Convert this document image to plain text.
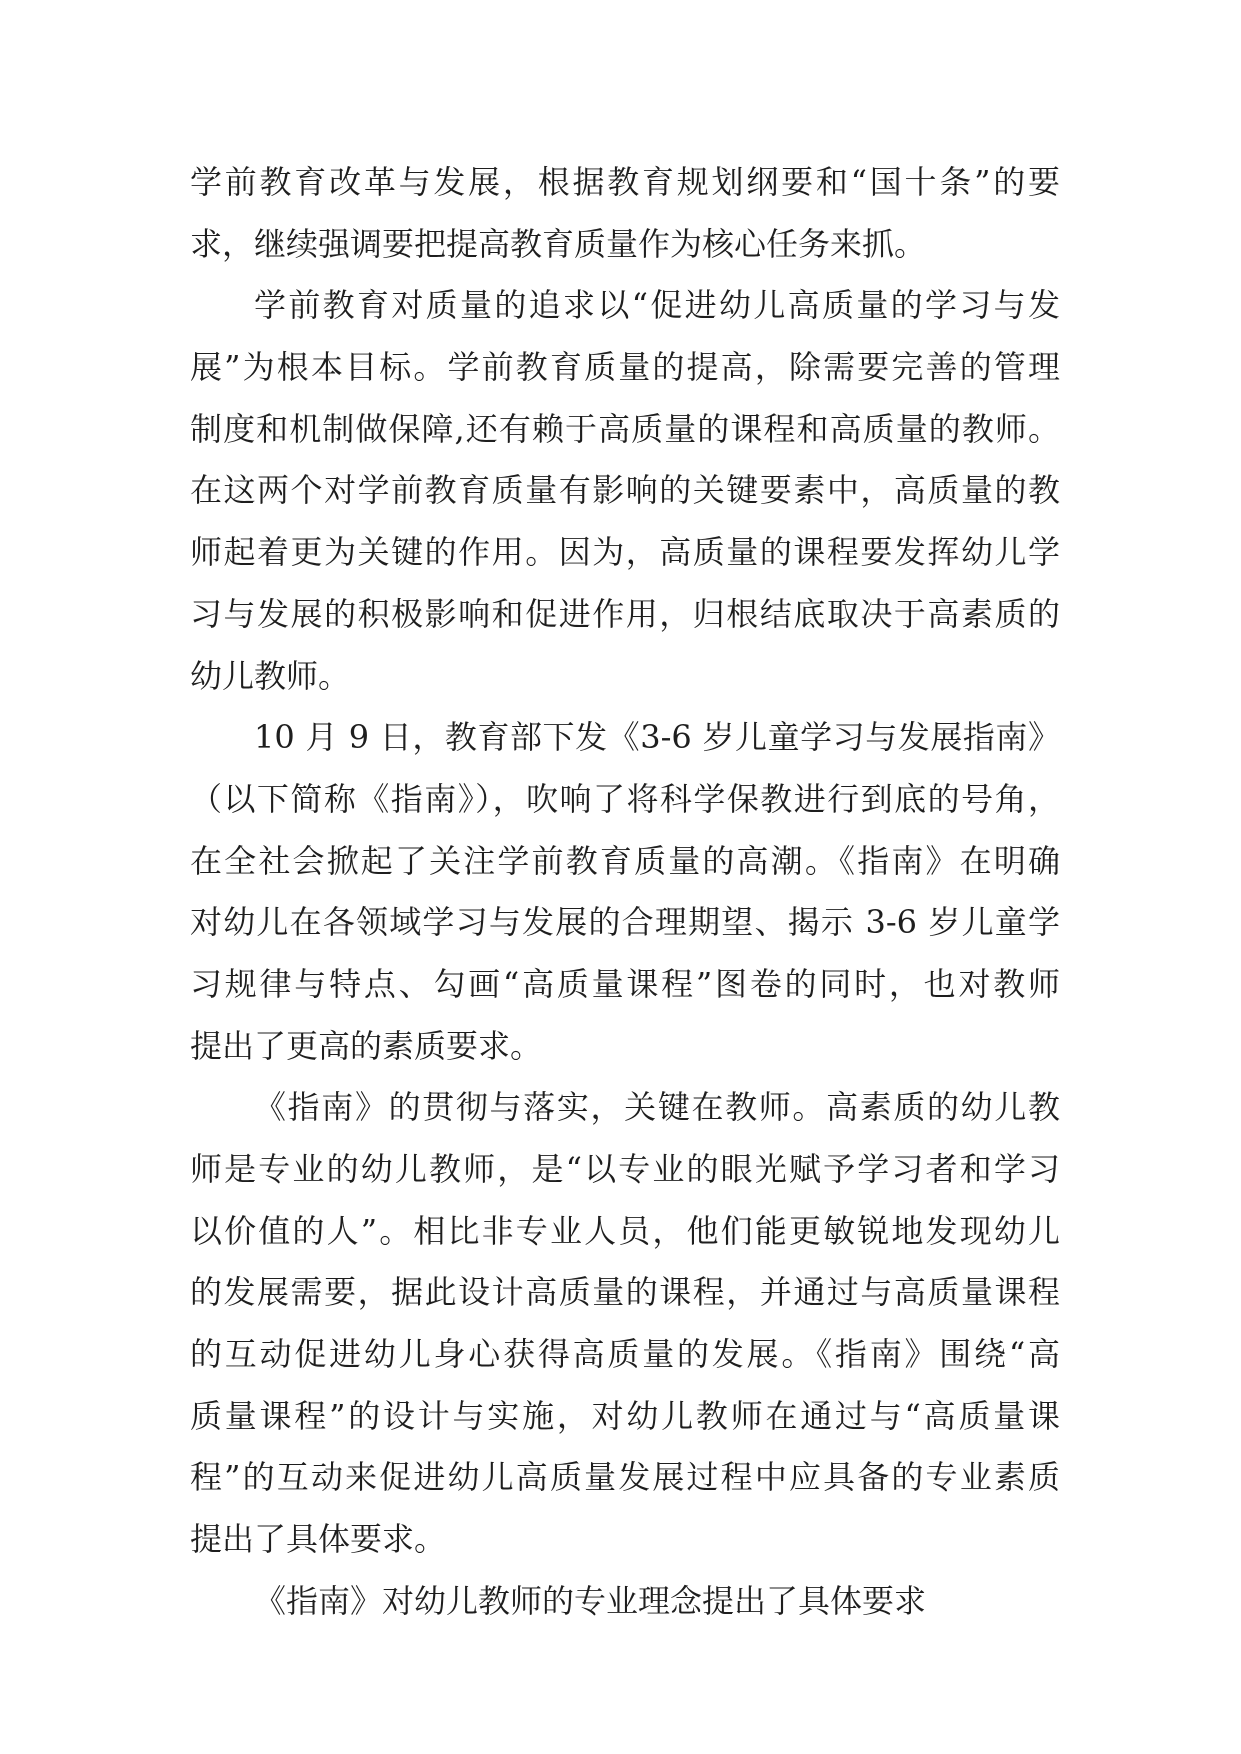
学前教育改革与发展，根据教育规划纲要和“国十条”的要
求，继续强调要把提高教育质量作为核心任务来抓。
学前教育对质量的追求以“促进幼儿高质量的学习与发
展”为根本目标。学前教育质量的提高，除需要完善的管理
制度和机制做保障,还有赖于高质量的课程和高质量的教师。
在这两个对学前教育质量有影响的关键要素中，高质量的教
师起着更为关键的作用。因为，高质量的课程要发挥幼儿学
习与发展的积极影响和促进作用，归根结底取决于高素质的
幼儿教师。
10 月 9 日，教育部下发《3-6 岁儿童学习与发展指南》
（以下简称《指南》），吹响了将科学保教进行到底的号角，
在全社会掀起了关注学前教育质量的高潮。《指南》在明确
对幼儿在各领域学习与发展的合理期望、揭示 3-6 岁儿童学
习规律与特点、勾画“高质量课程”图卷的同时，也对教师
提出了更高的素质要求。
《指南》的贯彻与落实，关键在教师。高素质的幼儿教
师是专业的幼儿教师，是“以专业的眼光赋予学习者和学习
以价值的人”。相比非专业人员，他们能更敏锐地发现幼儿
的发展需要，据此设计高质量的课程，并通过与高质量课程
的互动促进幼儿身心获得高质量的发展。《指南》围绕“高
质量课程”的设计与实施，对幼儿教师在通过与“高质量课
程”的互动来促进幼儿高质量发展过程中应具备的专业素质
提出了具体要求。
《指南》对幼儿教师的专业理念提出了具体要求
